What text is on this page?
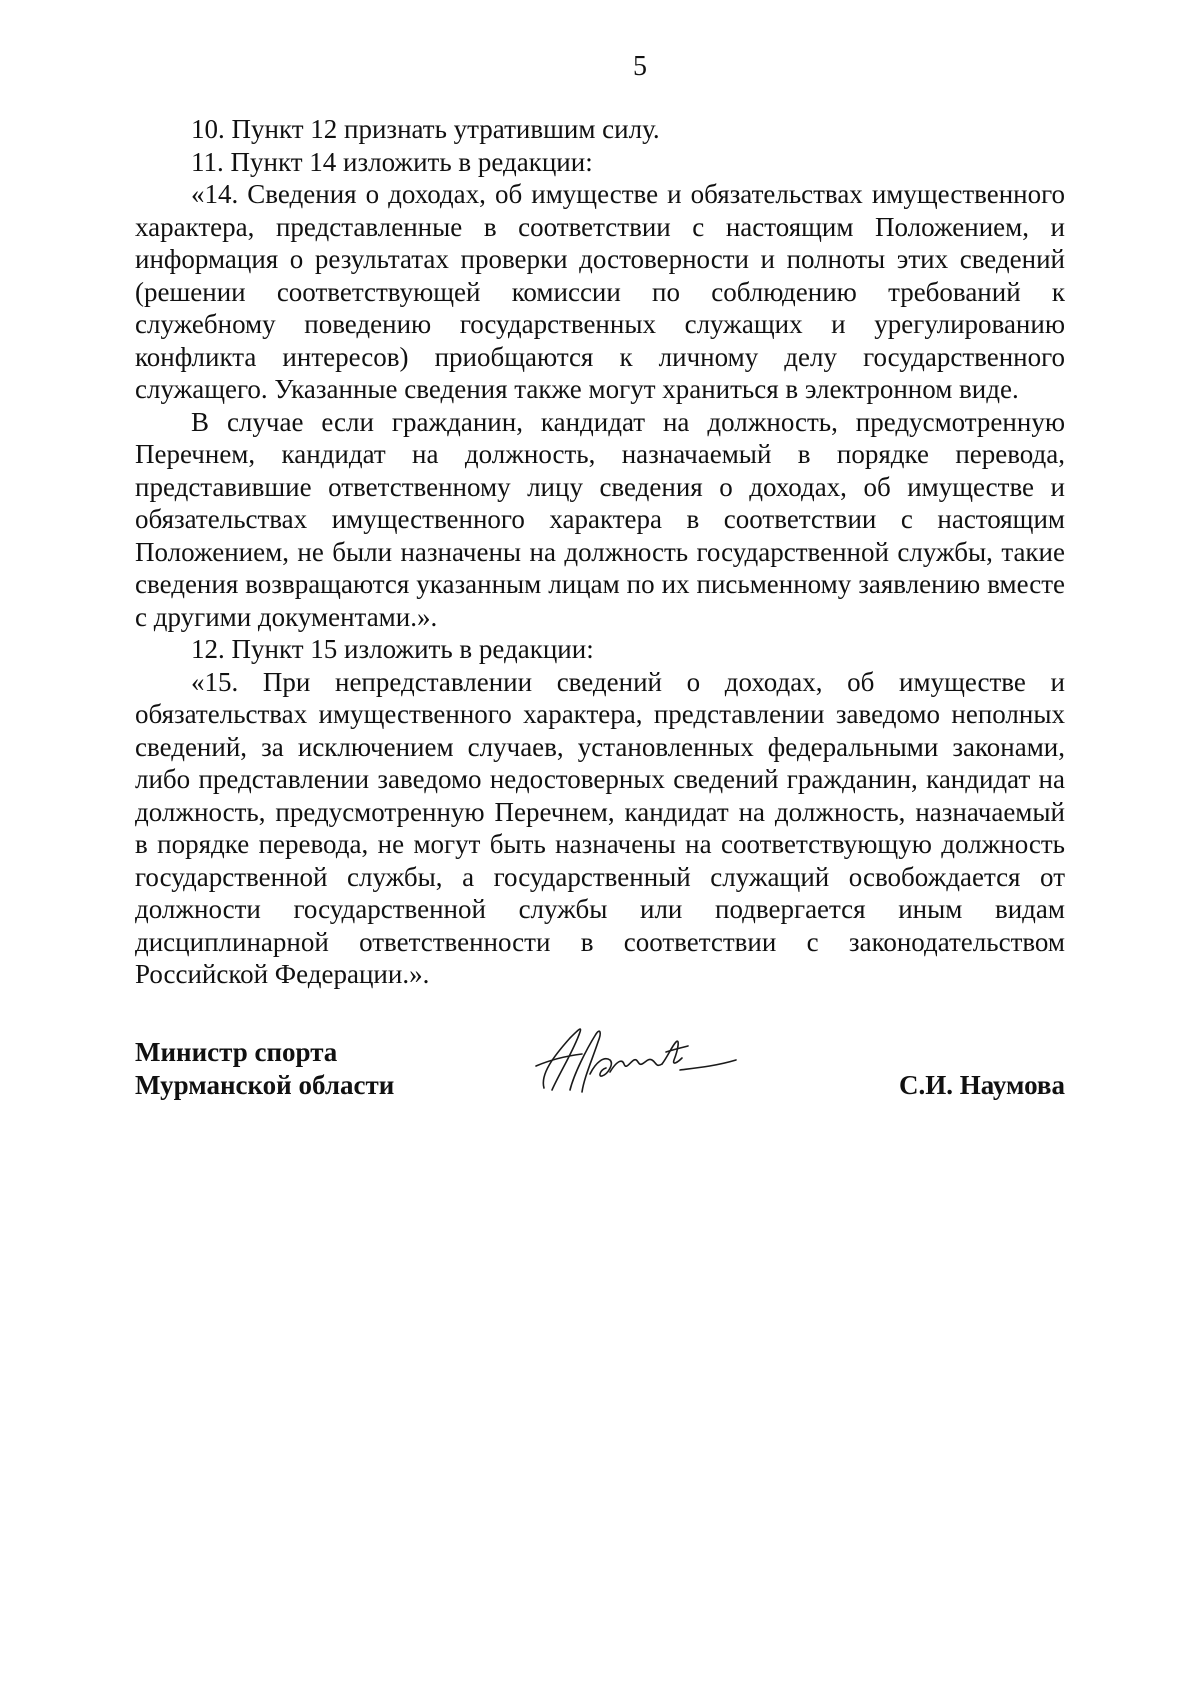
5

10. Пункт 12 признать утратившим силу.

11. Пункт 14 изложить в редакции:

«14. Сведения о доходах, об имуществе и обязательствах имущественного характера, представленные в соответствии с настоящим Положением, и информация о результатах проверки достоверности и полноты этих сведений (решении соответствующей комиссии по соблюдению требований к служебному поведению государственных служащих и урегулированию конфликта интересов) приобщаются к личному делу государственного служащего. Указанные сведения также могут храниться в электронном виде.

В случае если гражданин, кандидат на должность, предусмотренную Перечнем, кандидат на должность, назначаемый в порядке перевода, представившие ответственному лицу сведения о доходах, об имуществе и обязательствах имущественного характера в соответствии с настоящим Положением, не были назначены на должность государственной службы, такие сведения возвращаются указанным лицам по их письменному заявлению вместе с другими документами.».

12. Пункт 15 изложить в редакции:

«15. При непредставлении сведений о доходах, об имуществе и обязательствах имущественного характера, представлении заведомо неполных сведений, за исключением случаев, установленных федеральными законами, либо представлении заведомо недостоверных сведений гражданин, кандидат на должность, предусмотренную Перечнем, кандидат на должность, назначаемый в порядке перевода, не могут быть назначены на соответствующую должность государственной службы, а государственный служащий освобождается от должности государственной службы или подвергается иным видам дисциплинарной ответственности в соответствии с законодательством Российской Федерации.».

Министр спорта
Мурманской области	С.И. Наумова
